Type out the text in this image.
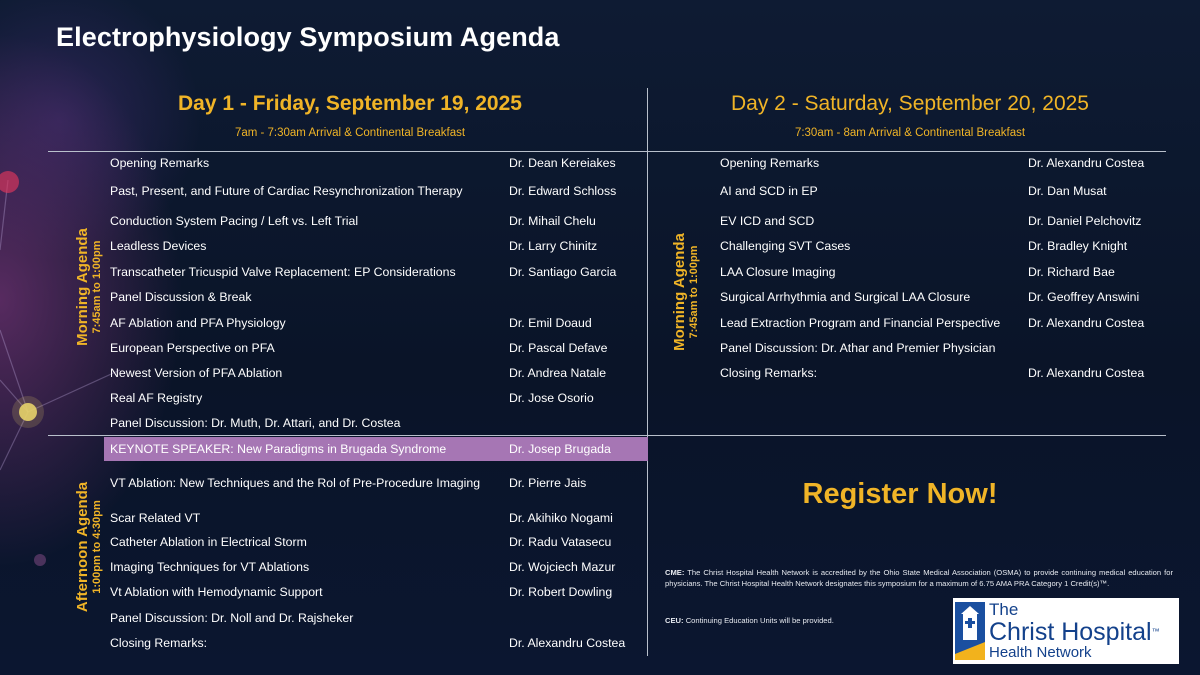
Electrophysiology Symposium Agenda
Day 1 - Friday, September 19, 2025
7am - 7:30am Arrival & Continental Breakfast
Day 2 - Saturday, September 20, 2025
7:30am - 8am Arrival & Continental Breakfast
Morning Agenda 7:45am to 1:00pm
Afternoon Agenda 1:00pm to 4:30pm
Morning Agenda 7:45am to 1:00pm
Opening Remarks	Dr. Dean Kereiakes
Past, Present, and Future of Cardiac Resynchronization Therapy	Dr. Edward Schloss
Conduction System Pacing / Left vs. Left Trial	Dr. Mihail Chelu
Leadless Devices	Dr. Larry Chinitz
Transcatheter Tricuspid Valve Replacement: EP Considerations	Dr. Santiago Garcia
Panel Discussion & Break
AF Ablation and PFA Physiology	Dr. Emil Doaud
European Perspective on PFA	Dr. Pascal Defave
Newest Version of PFA Ablation	Dr. Andrea Natale
Real AF Registry	Dr. Jose Osorio
Panel Discussion: Dr. Muth, Dr. Attari, and Dr. Costea
KEYNOTE SPEAKER: New Paradigms in Brugada Syndrome	Dr. Josep Brugada
VT Ablation: New Techniques and the Rol of Pre-Procedure Imaging Dr. Pierre Jais
Scar Related VT	Dr. Akihiko Nogami
Catheter Ablation in Electrical Storm	Dr. Radu Vatasecu
Imaging Techniques for VT Ablations	Dr. Wojciech Mazur
Vt Ablation with Hemodynamic Support	Dr. Robert Dowling
Panel Discussion: Dr. Noll and Dr. Rajsheker
Closing Remarks:	Dr. Alexandru Costea
Opening Remarks	Dr. Alexandru Costea
AI and SCD in EP	Dr. Dan Musat
EV ICD and SCD	Dr. Daniel Pelchovitz
Challenging SVT Cases	Dr. Bradley Knight
LAA Closure Imaging	Dr. Richard Bae
Surgical Arrhythmia and Surgical LAA Closure	Dr. Geoffrey Answini
Lead Extraction Program and Financial Perspective Dr. Alexandru Costea
Panel Discussion: Dr. Athar and Premier Physician
Closing Remarks:	Dr. Alexandru Costea
Register Now!
CME: The Christ Hospital Health Network is accredited by the Ohio State Medical Association (OSMA) to provide continuing medical education for physicians. The Christ Hospital Health Network designates this symposium for a maximum of 6.75 AMA PRA Category 1 Credit(s)™.
CEU: Continuing Education Units will be provided.
The
Christ Hospital™
Health Network
